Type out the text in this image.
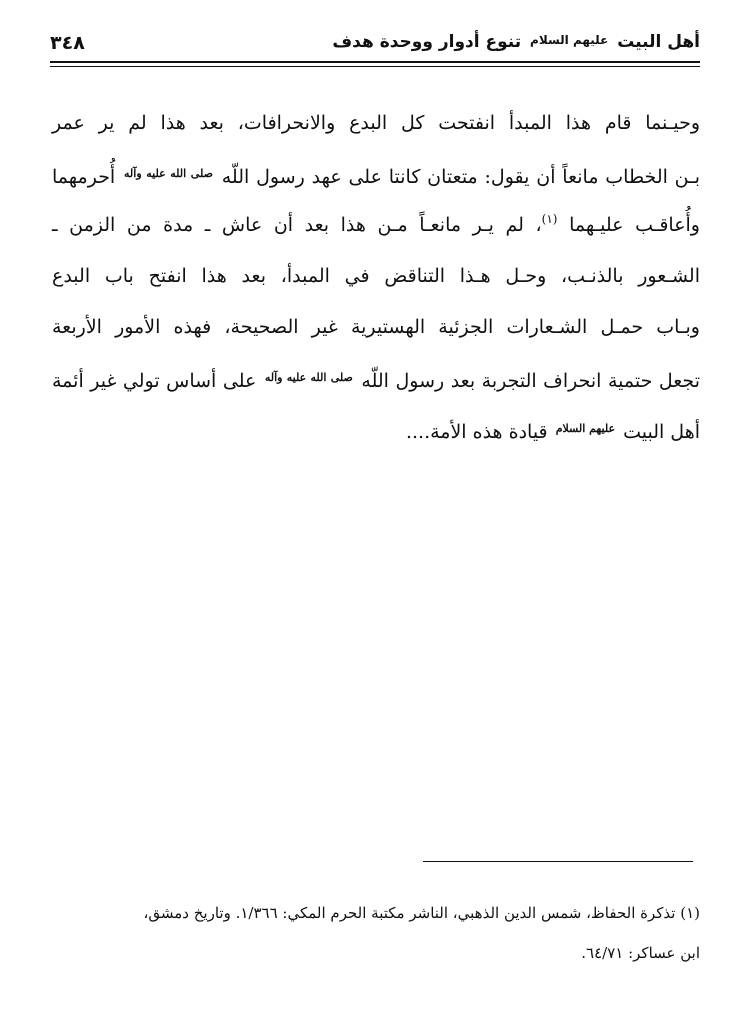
أهل البيت عليهم السلام تنوع أدوار ووحدة هدف
٣٤٨
وحيـنما قام هذا المبدأ انفتحت كل البدع والانحرافات، بعد هذا لم ير عمر
بـن الخطاب مانعاً أن يقول: متعتان كانتا على عهد رسول اللّه $^{صلى الله عليه وآله}$ أُحرمهما
وأُعاقـب عليـهما $^{(١)}$، لم يـر مانعـاً مـن هذا بعد أن عاش ـ مدة من الزمن ـ
الشـعور بالذنـب، وحـل هـذا التناقض في المبدأ، بعد هذا انفتح باب البدع
وبـاب حمـل الشـعارات الجزئية الهستيرية غير الصحيحة، فهذه الأمور الأربعة
تجعل حتمية انحراف التجربة بعد رسول اللّه $^{صلى الله عليه وآله}$ على أساس تولي غير أئمة
أهل البيت $^{عليهم السلام}$ قيادة هذه الأمة....
(١) تذكرة الحفاظ، شمس الدين الذهبي، الناشر مكتبة الحرم المكي: ١/٣٦٦. وتاريخ دمشق،
ابن عساكر: ٦٤/٧١.
